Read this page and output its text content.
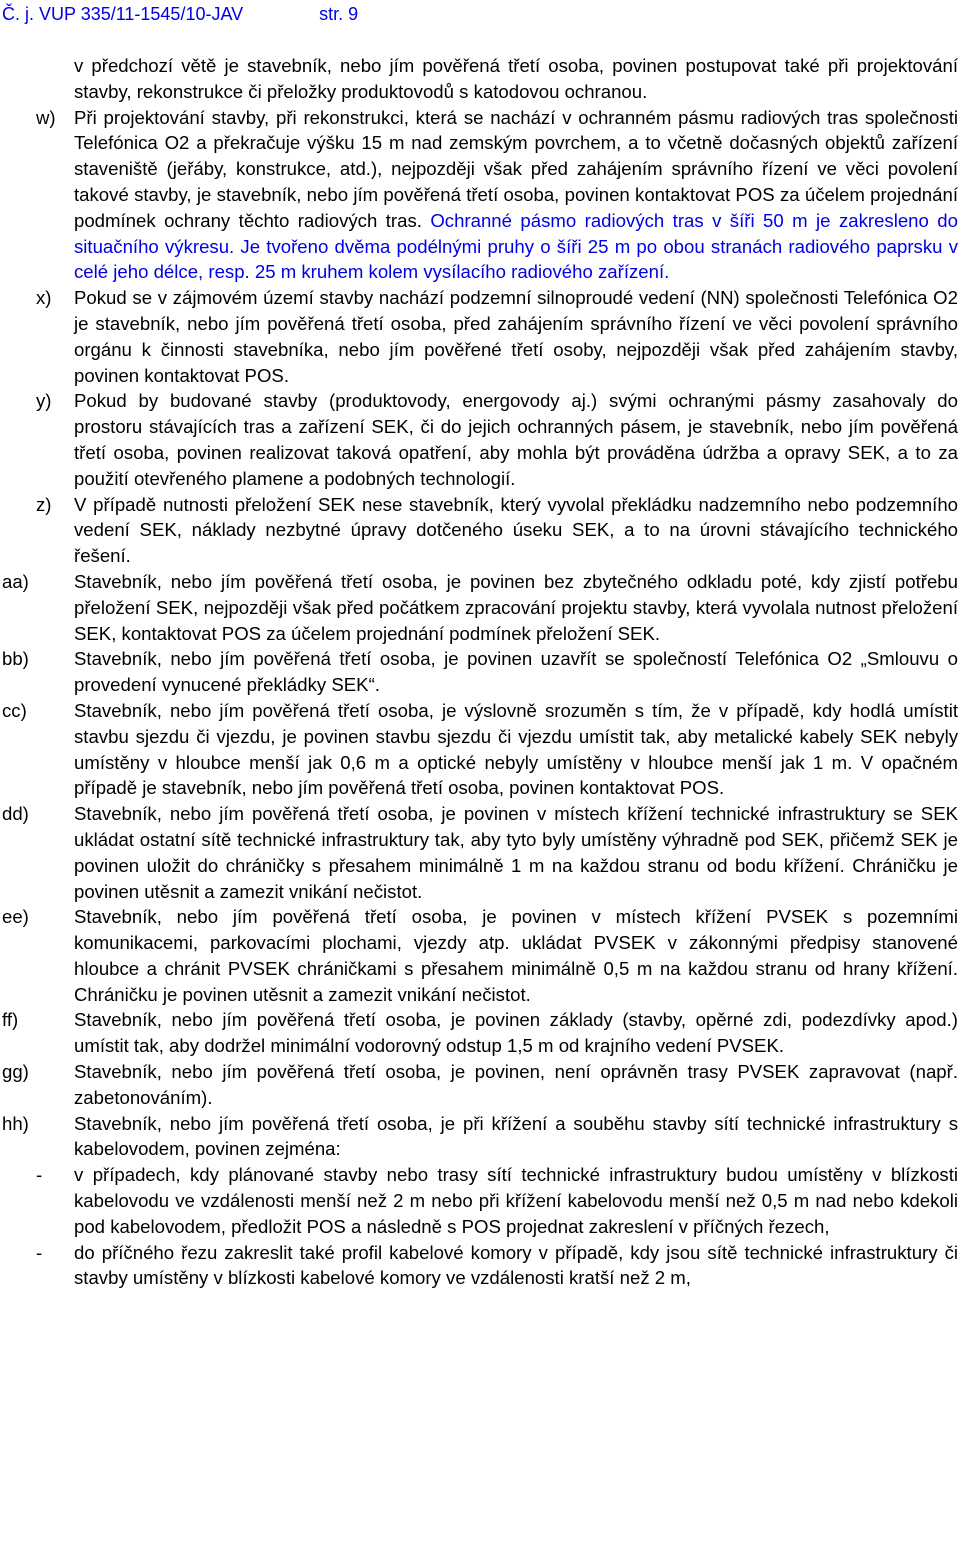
Č. j. VUP 335/11-1545/10-JAV	str. 9
v předchozí větě je stavebník, nebo jím pověřená třetí osoba, povinen postupovat také při projektování stavby, rekonstrukce či přeložky produktovodů s katodovou ochranou.
w) Při projektování stavby, při rekonstrukci, která se nachází v ochranném pásmu radiových tras společnosti Telefónica O2 a překračuje výšku 15 m nad zemským povrchem, a to včetně dočasných objektů zařízení staveniště (jeřáby, konstrukce, atd.), nejpozději však před zahájením správního řízení ve věci povolení takové stavby, je stavebník, nebo jím pověřená třetí osoba, povinen kontaktovat POS za účelem projednání podmínek ochrany těchto radiových tras. Ochranné pásmo radiových tras v šíři 50 m je zakresleno do situačního výkresu. Je tvořeno dvěma podélnými pruhy o šíři 25 m po obou stranách radiového paprsku v celé jeho délce, resp. 25 m kruhem kolem vysílacího radiového zařízení.
x) Pokud se v zájmovém území stavby nachází podzemní silnoproudé vedení (NN) společnosti Telefónica O2 je stavebník, nebo jím pověřená třetí osoba, před zahájením správního řízení ve věci povolení správního orgánu k činnosti stavebníka, nebo jím pověřené třetí osoby, nejpozději však před zahájením stavby, povinen kontaktovat POS.
y) Pokud by budované stavby (produktovody, energovody aj.) svými ochranými pásmy zasahovaly do prostoru stávajících tras a zařízení SEK, či do jejich ochranných pásem, je stavebník, nebo jím pověřená třetí osoba, povinen realizovat taková opatření, aby mohla být prováděna údržba a opravy SEK, a to za použití otevřeného plamene a podobných technologií.
z) V případě nutnosti přeložení SEK nese stavebník, který vyvolal překládku nadzemního nebo podzemního vedení SEK, náklady nezbytné úpravy dotčeného úseku SEK, a to na úrovni stávajícího technického řešení.
aa) Stavebník, nebo jím pověřená třetí osoba, je povinen bez zbytečného odkladu poté, kdy zjistí potřebu přeložení SEK, nejpozději však před počátkem zpracování projektu stavby, která vyvolala nutnost přeložení SEK, kontaktovat POS za účelem projednání podmínek přeložení SEK.
bb) Stavebník, nebo jím pověřená třetí osoba, je povinen uzavřít se společností Telefónica O2 „Smlouvu o provedení vynucené překládky SEK“.
cc)	Stavebník, nebo jím pověřená třetí osoba, je výslovně srozuměn s tím, že v případě, kdy hodlá umístit stavbu sjezdu či vjezdu, je povinen stavbu sjezdu či vjezdu umístit tak, aby metalické kabely SEK nebyly umístěny v hloubce menší jak 0,6 m a optické nebyly umístěny v hloubce menší jak 1 m. V opačném případě je stavebník, nebo jím pověřená třetí osoba, povinen kontaktovat POS.
dd) Stavebník, nebo jím pověřená třetí osoba, je povinen v místech křížení technické infrastruktury se SEK ukládat ostatní sítě technické infrastruktury tak, aby tyto byly umístěny výhradně pod SEK, přičemž SEK je povinen uložit do chráničky s přesahem minimálně 1 m na každou stranu od bodu křížení. Chráničku je povinen utěsnit a zamezit vnikání nečistot.
ee) Stavebník, nebo jím pověřená třetí osoba, je povinen v místech křížení PVSEK s pozemními komunikacemi, parkovacími plochami, vjezdy atp. ukládat PVSEK v zákonnými předpisy stanovené hloubce a chránit PVSEK chráničkami s přesahem minimálně 0,5 m na každou stranu od hrany křížení. Chráničku je povinen utěsnit a zamezit vnikání nečistot.
ff)	Stavebník, nebo jím pověřená třetí osoba, je povinen základy (stavby, opěrné zdi, podezdívky apod.) umístit tak, aby dodržel minimální vodorovný odstup 1,5 m od krajního vedení PVSEK.
gg) Stavebník, nebo jím pověřená třetí osoba, je povinen, není oprávněn trasy PVSEK zapravovat (např. zabetonováním).
hh) Stavebník, nebo jím pověřená třetí osoba, je při křížení a souběhu stavby sítí technické infrastruktury s kabelovodem, povinen zejména:
- v případech, kdy plánované stavby nebo trasy sítí technické infrastruktury budou umístěny v blízkosti kabelovodu ve vzdálenosti menší než 2 m nebo při křížení kabelovodu menší než 0,5 m nad nebo kdekoli pod kabelovodem, předložit POS a následně s POS projednat zakreslení v příčných řezech,
- do příčného řezu zakreslit také profil kabelové komory v případě, kdy jsou sítě technické infrastruktury či stavby umístěny v blízkosti kabelové komory ve vzdálenosti kratší než 2 m,
